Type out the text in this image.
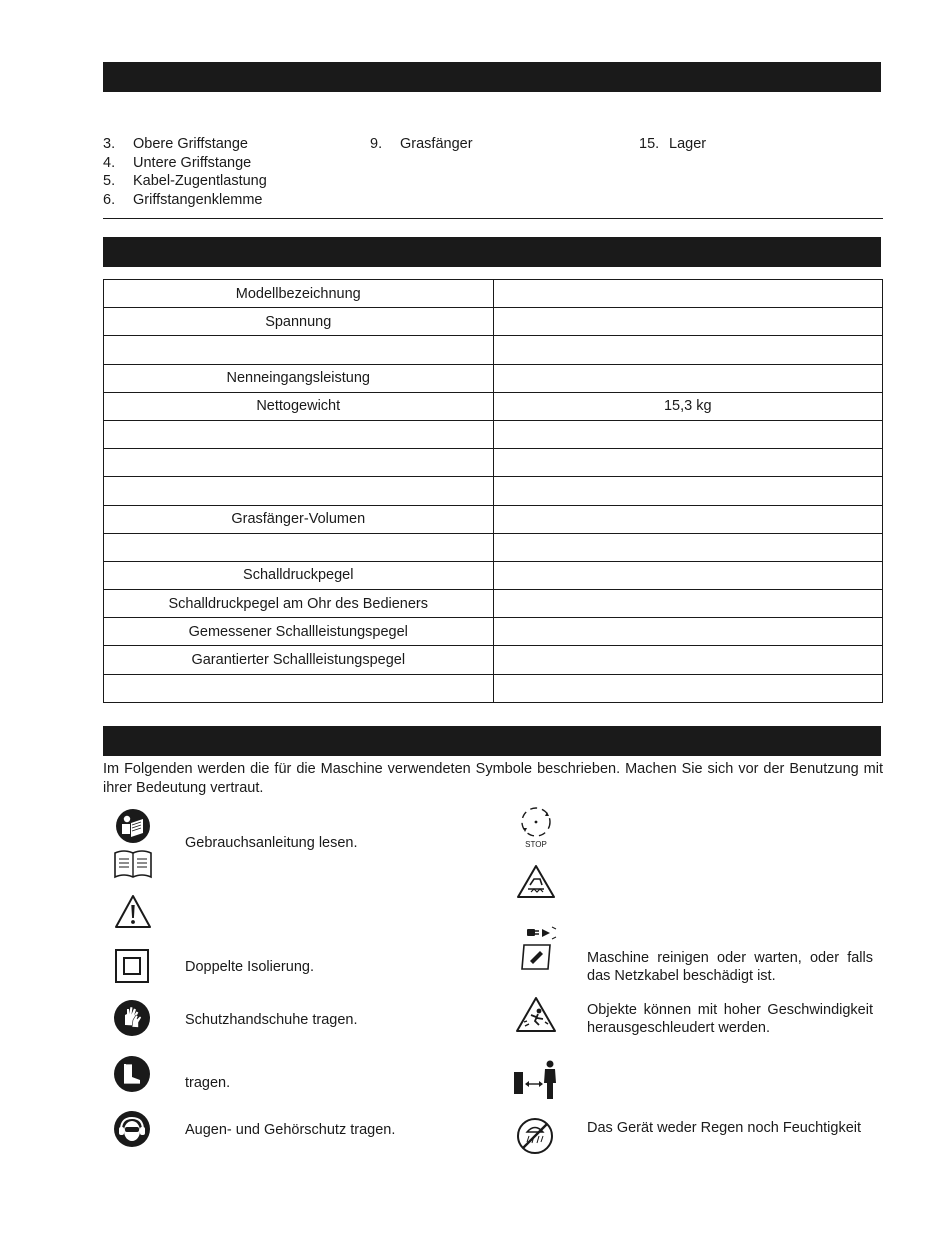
3. Obere Griffstange
4. Untere Griffstange
5. Kabel-Zugentlastung
6. Griffstangenklemme
9. Grasfänger	15. Lager
Modellbezeichnung	
Spannung	

Nenneingangsleistung	
Nettogewicht	15,3 kg

Grasfänger-Volumen	

Schalldruckpegel	
Schalldruckpegel am Ohr des Bedieners	
Gemessener Schallleistungspegel	
Garantierter Schallleistungspegel	

Im Folgenden werden die für die Maschine verwendeten Symbole beschrieben. Machen Sie sich vor der Benutzung mit ihrer Bedeutung vertraut.
Gebrauchsanleitung lesen.
Doppelte Isolierung.
Schutzhandschuhe tragen.
tragen.
Augen- und Gehörschutz tragen.
STOP
Maschine reinigen oder warten, oder falls das Netzkabel beschädigt ist.
Objekte können mit hoher Geschwindigkeit herausgeschleudert werden.
Das Gerät weder Regen noch Feuchtigkeit
